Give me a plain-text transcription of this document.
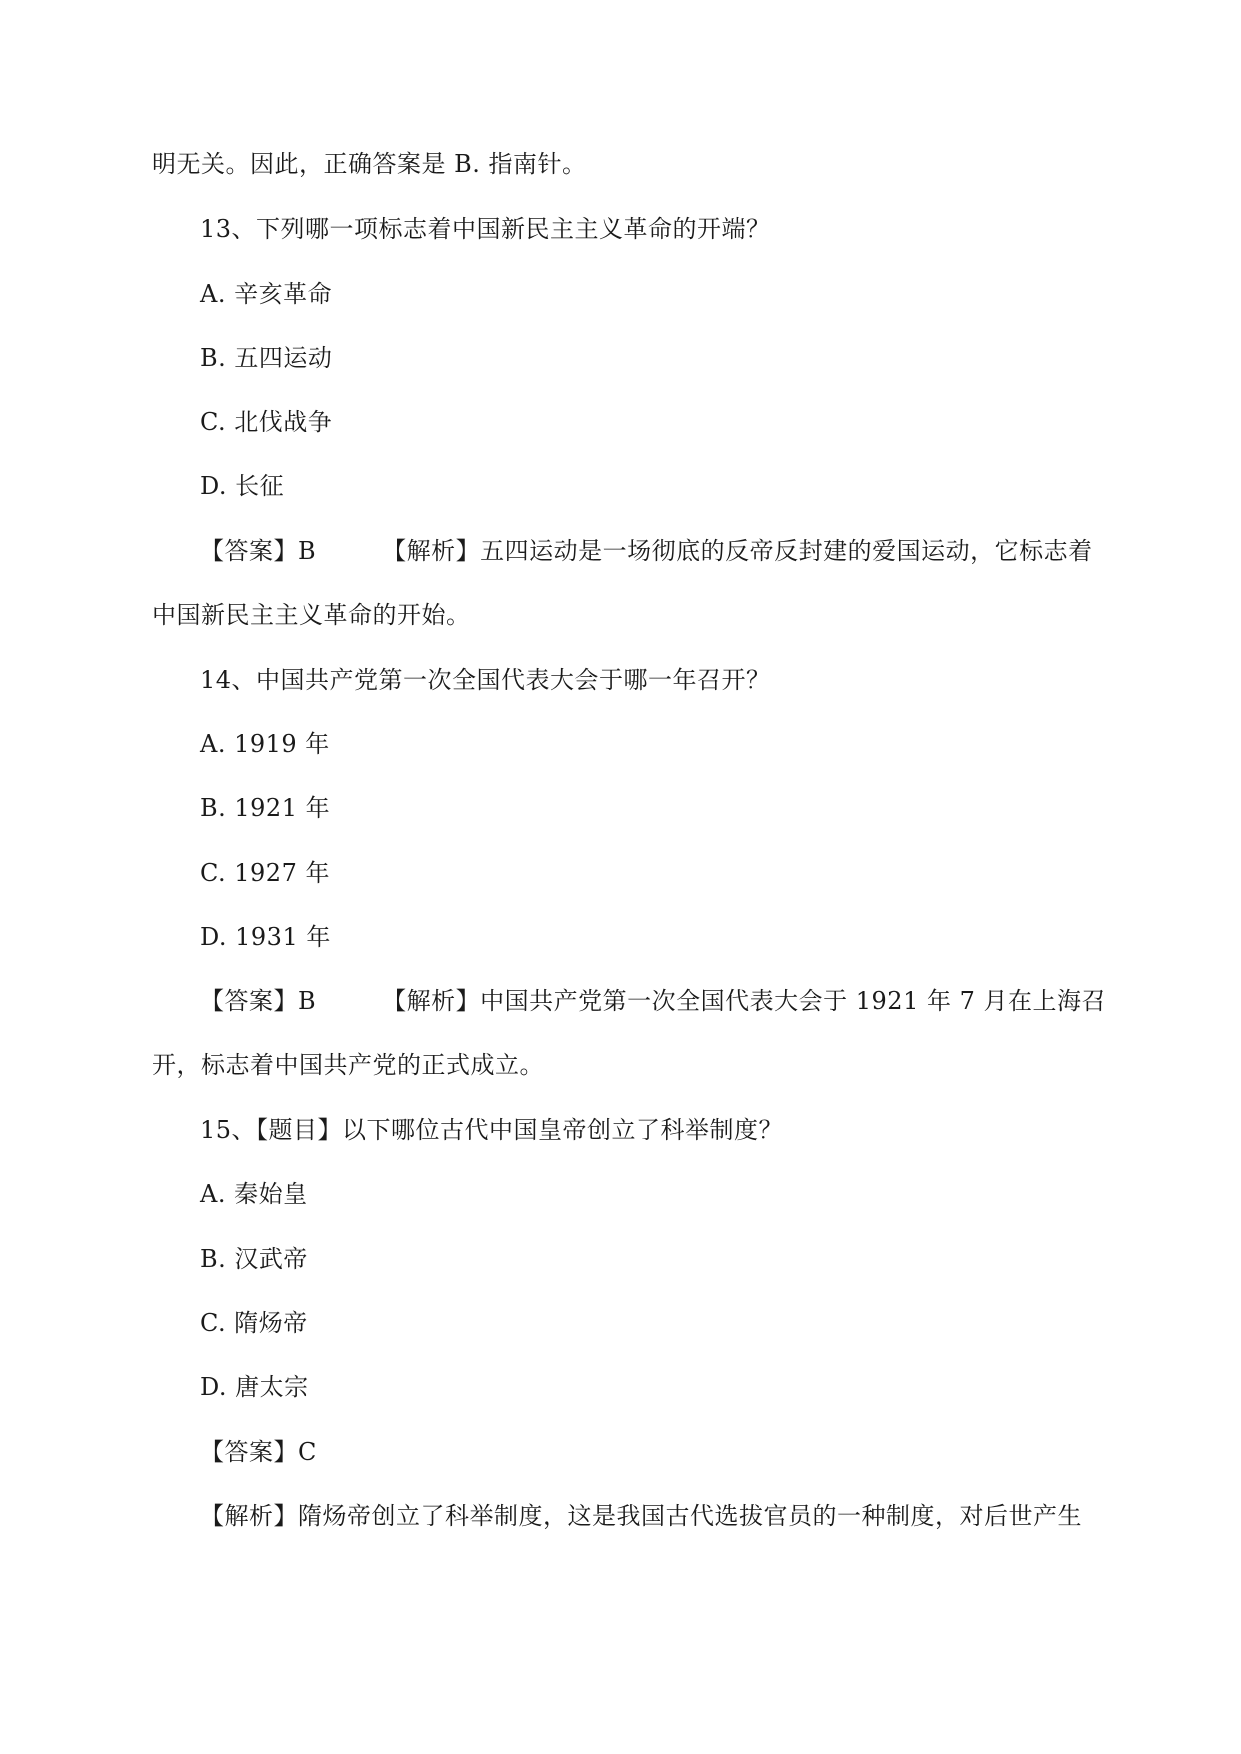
明无关。因此，正确答案是 B. 指南针。
13、下列哪一项标志着中国新民主主义革命的开端？
A. 辛亥革命
B. 五四运动
C. 北伐战争
D. 长征
【答案】B	【解析】五四运动是一场彻底的反帝反封建的爱国运动，它标志着
中国新民主主义革命的开始。
14、中国共产党第一次全国代表大会于哪一年召开？
A. 1919 年
B. 1921 年
C. 1927 年
D. 1931 年
【答案】B	【解析】中国共产党第一次全国代表大会于 1921 年 7 月在上海召
开，标志着中国共产党的正式成立。
15、【题目】以下哪位古代中国皇帝创立了科举制度？
A. 秦始皇
B. 汉武帝
C. 隋炀帝
D. 唐太宗
【答案】C
【解析】隋炀帝创立了科举制度，这是我国古代选拔官员的一种制度，对后世产生
